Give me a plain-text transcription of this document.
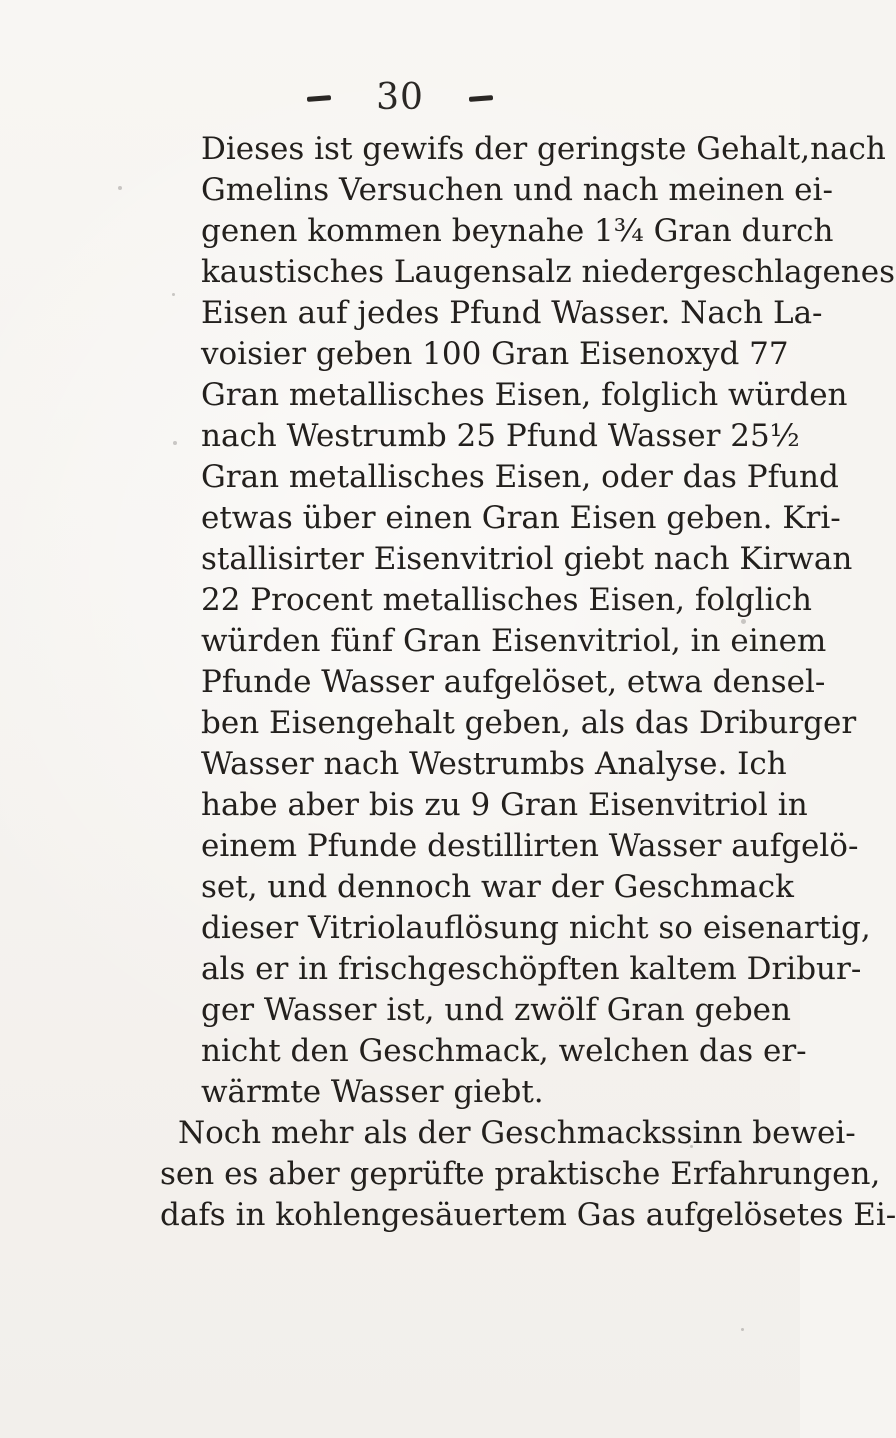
30
Dieses ist gewifs der geringste Gehalt,nach
Gmelins Versuchen und nach meinen ei-
genen kommen beynahe 1¾ Gran durch
kaustisches Laugensalz niedergeschlagenes
Eisen auf jedes Pfund Wasser. Nach La-
voisier geben 100 Gran Eisenoxyd 77
Gran metallisches Eisen, folglich würden
nach Westrumb 25 Pfund Wasser 25½
Gran metallisches Eisen, oder das Pfund
etwas über einen Gran Eisen geben. Kri-
stallisirter Eisenvitriol giebt nach Kirwan
22 Procent metallisches Eisen, folglich
würden fünf Gran Eisenvitriol, in einem
Pfunde Wasser aufgelöset, etwa densel-
ben Eisengehalt geben, als das Driburger
Wasser nach Westrumbs Analyse. Ich
habe aber bis zu 9 Gran Eisenvitriol in
einem Pfunde destillirten Wasser aufgelö-
set, und dennoch war der Geschmack
dieser Vitriolauflösung nicht so eisenartig,
als er in frischgeschöpften kaltem Dribur-
ger Wasser ist, und zwölf Gran geben
nicht den Geschmack, welchen das er-
wärmte Wasser giebt.
Noch mehr als der Geschmackssinn bewei-
sen es aber geprüfte praktische Erfahrungen,
dafs in kohlengesäuertem Gas aufgelösetes Ei-
